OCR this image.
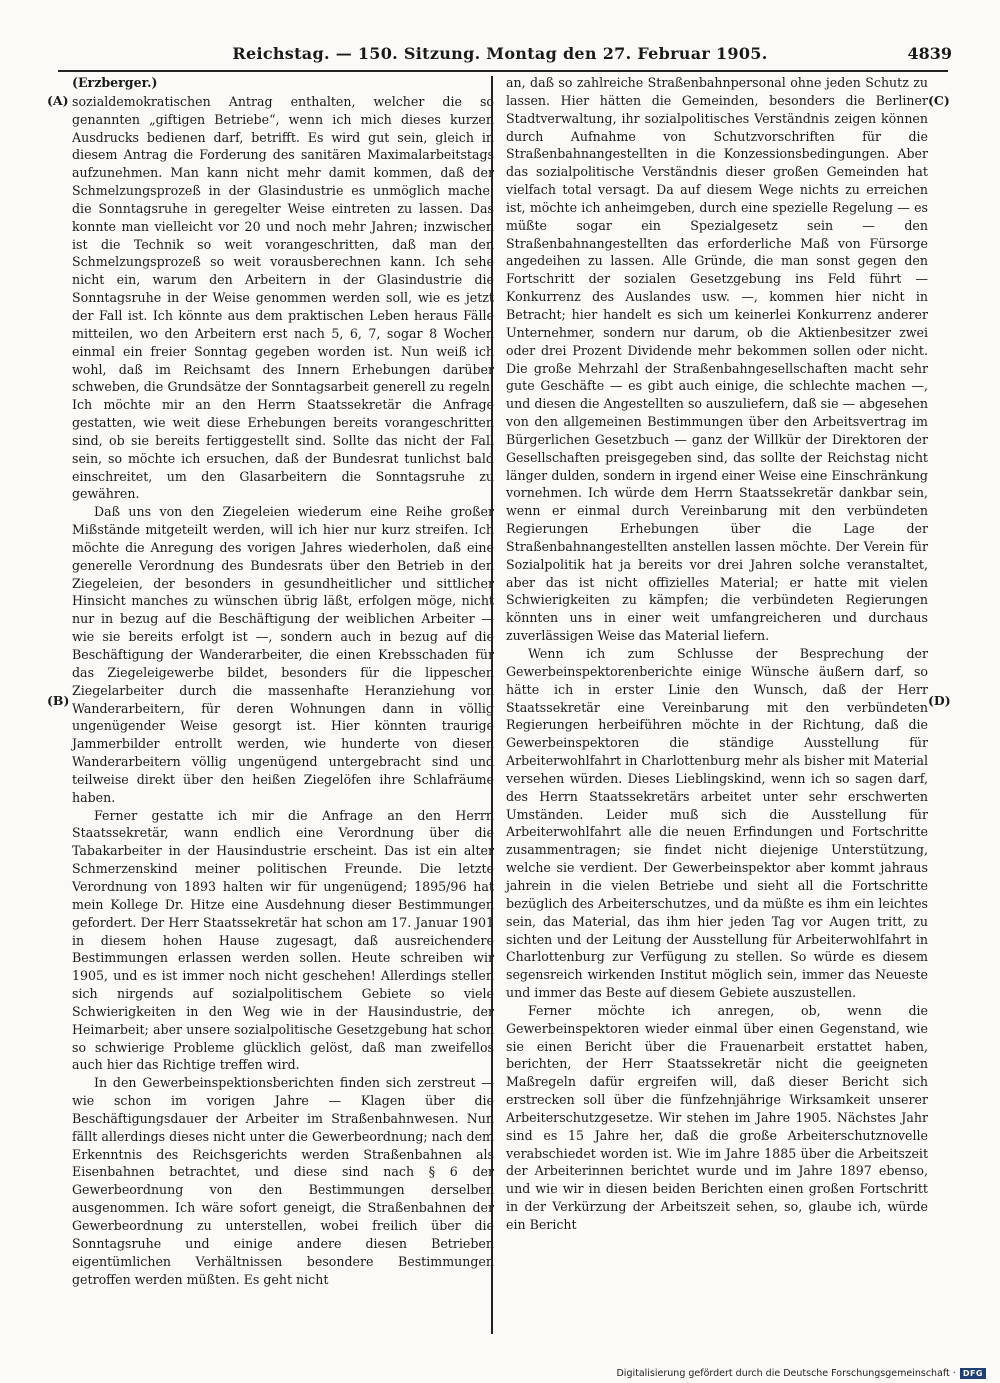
Reichstag. — 150. Sitzung. Montag den 27. Februar 1905.	4839
(A)
(B)
(C)
(D)
(Erzberger.)

sozialdemokratischen Antrag enthalten, welcher die so genannten „giftigen Betriebe“, wenn ich mich dieses kurzen Ausdrucks bedienen darf, betrifft. Es wird gut sein, gleich in diesem Antrag die Forderung des sanitären Maximalarbeitstags aufzunehmen. Man kann nicht mehr damit kommen, daß der Schmelzungsprozeß in der Glasindustrie es unmöglich mache, die Sonntagsruhe in geregelter Weise eintreten zu lassen. Das konnte man vielleicht vor 20 und noch mehr Jahren; inzwischen ist die Technik so weit vorangeschritten, daß man den Schmelzungsprozeß so weit vorausberechnen kann. Ich sehe nicht ein, warum den Arbeitern in der Glasindustrie die Sonntagsruhe in der Weise genommen werden soll, wie es jetzt der Fall ist. Ich könnte aus dem praktischen Leben heraus Fälle mitteilen, wo den Arbeitern erst nach 5, 6, 7, sogar 8 Wochen einmal ein freier Sonntag gegeben worden ist. Nun weiß ich wohl, daß im Reichsamt des Innern Erhebungen darüber schweben, die Grundsätze der Sonntagsarbeit generell zu regeln. Ich möchte mir an den Herrn Staatssekretär die Anfrage gestatten, wie weit diese Erhebungen bereits vorangeschritten sind, ob sie bereits fertiggestellt sind. Sollte das nicht der Fall sein, so möchte ich ersuchen, daß der Bundesrat tunlichst bald einschreitet, um den Glasarbeitern die Sonntagsruhe zu gewähren.

Daß uns von den Ziegeleien wiederum eine Reihe großer Mißstände mitgeteilt werden, will ich hier nur kurz streifen. Ich möchte die Anregung des vorigen Jahres wiederholen, daß eine generelle Verordnung des Bundesrats über den Betrieb in den Ziegeleien, der besonders in gesundheitlicher und sittlicher Hinsicht manches zu wünschen übrig läßt, erfolgen möge, nicht nur in bezug auf die Beschäftigung der weiblichen Arbeiter — wie sie bereits erfolgt ist —, sondern auch in bezug auf die Beschäftigung der Wanderarbeiter, die einen Krebsschaden für das Ziegeleigewerbe bildet, besonders für die lippeschen Ziegelarbeiter durch die massenhafte Heranziehung von Wanderarbeitern, für deren Wohnungen dann in völlig ungenügender Weise gesorgt ist. Hier könnten traurige Jammerbilder entrollt werden, wie hunderte von diesen Wanderarbeitern völlig ungenügend untergebracht sind und teilweise direkt über den heißen Ziegelöfen ihre Schlafräume haben.

Ferner gestatte ich mir die Anfrage an den Herrn Staatssekretär, wann endlich eine Verordnung über die Tabakarbeiter in der Hausindustrie erscheint. Das ist ein alter Schmerzenskind meiner politischen Freunde. Die letzte Verordnung von 1893 halten wir für ungenügend; 1895/96 hat mein Kollege Dr. Hitze eine Ausdehnung dieser Bestimmungen gefordert. Der Herr Staatssekretär hat schon am 17. Januar 1901 in diesem hohen Hause zugesagt, daß ausreichendere Bestimmungen erlassen werden sollen. Heute schreiben wir 1905, und es ist immer noch nicht geschehen! Allerdings stellen sich nirgends auf sozialpolitischem Gebiete so viele Schwierigkeiten in den Weg wie in der Hausindustrie, der Heimarbeit; aber unsere sozialpolitische Gesetzgebung hat schon so schwierige Probleme glücklich gelöst, daß man zweifellos auch hier das Richtige treffen wird.

In den Gewerbeinspektionsberichten finden sich zerstreut — wie schon im vorigen Jahre — Klagen über die Beschäftigungsdauer der Arbeiter im Straßenbahnwesen. Nun fällt allerdings dieses nicht unter die Gewerbeordnung; nach dem Erkenntnis des Reichsgerichts werden Straßenbahnen als Eisenbahnen betrachtet, und diese sind nach § 6 der Gewerbeordnung von den Bestimmungen derselben ausgenommen. Ich wäre sofort geneigt, die Straßenbahnen der Gewerbeordnung zu unterstellen, wobei freilich über die Sonntagsruhe und einige andere diesen Betrieben eigentümlichen Verhältnissen besondere Bestimmungen getroffen werden müßten. Es geht nicht

an, daß so zahlreiche Straßenbahnpersonal ohne jeden Schutz zu lassen. Hier hätten die Gemeinden, besonders die Berliner Stadtverwaltung, ihr sozialpolitisches Verständnis zeigen können durch Aufnahme von Schutzvorschriften für die Straßenbahnangestellten in die Konzessionsbedingungen. Aber das sozialpolitische Verständnis dieser großen Gemeinden hat vielfach total versagt. Da auf diesem Wege nichts zu erreichen ist, möchte ich anheimgeben, durch eine spezielle Regelung — es müßte sogar ein Spezialgesetz sein — den Straßenbahnangestellten das erforderliche Maß von Fürsorge angedeihen zu lassen. Alle Gründe, die man sonst gegen den Fortschritt der sozialen Gesetzgebung ins Feld führt — Konkurrenz des Auslandes usw. —, kommen hier nicht in Betracht; hier handelt es sich um keinerlei Konkurrenz anderer Unternehmer, sondern nur darum, ob die Aktienbesitzer zwei oder drei Prozent Dividende mehr bekommen sollen oder nicht. Die große Mehrzahl der Straßenbahngesellschaften macht sehr gute Geschäfte — es gibt auch einige, die schlechte machen —, und diesen die Angestellten so auszuliefern, daß sie — abgesehen von den allgemeinen Bestimmungen über den Arbeitsvertrag im Bürgerlichen Gesetzbuch — ganz der Willkür der Direktoren der Gesellschaften preisgegeben sind, das sollte der Reichstag nicht länger dulden, sondern in irgend einer Weise eine Einschränkung vornehmen. Ich würde dem Herrn Staatssekretär dankbar sein, wenn er einmal durch Vereinbarung mit den verbündeten Regierungen Erhebungen über die Lage der Straßenbahnangestellten anstellen lassen möchte. Der Verein für Sozialpolitik hat ja bereits vor drei Jahren solche veranstaltet, aber das ist nicht offizielles Material; er hatte mit vielen Schwierigkeiten zu kämpfen; die verbündeten Regierungen könnten uns in einer weit umfangreicheren und durchaus zuverlässigen Weise das Material liefern.

Wenn ich zum Schlusse der Besprechung der Gewerbeinspektorenberichte einige Wünsche äußern darf, so hätte ich in erster Linie den Wunsch, daß der Herr Staatssekretär eine Vereinbarung mit den verbündeten Regierungen herbeiführen möchte in der Richtung, daß die Gewerbeinspektoren die ständige Ausstellung für Arbeiterwohlfahrt in Charlottenburg mehr als bisher mit Material versehen würden. Dieses Lieblingskind, wenn ich so sagen darf, des Herrn Staatssekretärs arbeitet unter sehr erschwerten Umständen. Leider muß sich die Ausstellung für Arbeiterwohlfahrt alle die neuen Erfindungen und Fortschritte zusammentragen; sie findet nicht diejenige Unterstützung, welche sie verdient. Der Gewerbeinspektor aber kommt jahraus jahrein in die vielen Betriebe und sieht all die Fortschritte bezüglich des Arbeiterschutzes, und da müßte es ihm ein leichtes sein, das Material, das ihm hier jeden Tag vor Augen tritt, zu sichten und der Leitung der Ausstellung für Arbeiterwohlfahrt in Charlottenburg zur Verfügung zu stellen. So würde es diesem segensreich wirkenden Institut möglich sein, immer das Neueste und immer das Beste auf diesem Gebiete auszustellen.

Ferner möchte ich anregen, ob, wenn die Gewerbeinspektoren wieder einmal über einen Gegenstand, wie sie einen Bericht über die Frauenarbeit erstattet haben, berichten, der Herr Staatssekretär nicht die geeigneten Maßregeln dafür ergreifen will, daß dieser Bericht sich erstrecken soll über die fünfzehnjährige Wirksamkeit unserer Arbeiterschutzgesetze. Wir stehen im Jahre 1905. Nächstes Jahr sind es 15 Jahre her, daß die große Arbeiterschutznovelle verabschiedet worden ist. Wie im Jahre 1885 über die Arbeitszeit der Arbeiterinnen berichtet wurde und im Jahre 1897 ebenso, und wie wir in diesen beiden Berichten einen großen Fortschritt in der Verkürzung der Arbeitszeit sehen, so, glaube ich, würde ein Bericht

Digitalisierung gefördert durch die Deutsche Forschungsgemeinschaft · DFG
